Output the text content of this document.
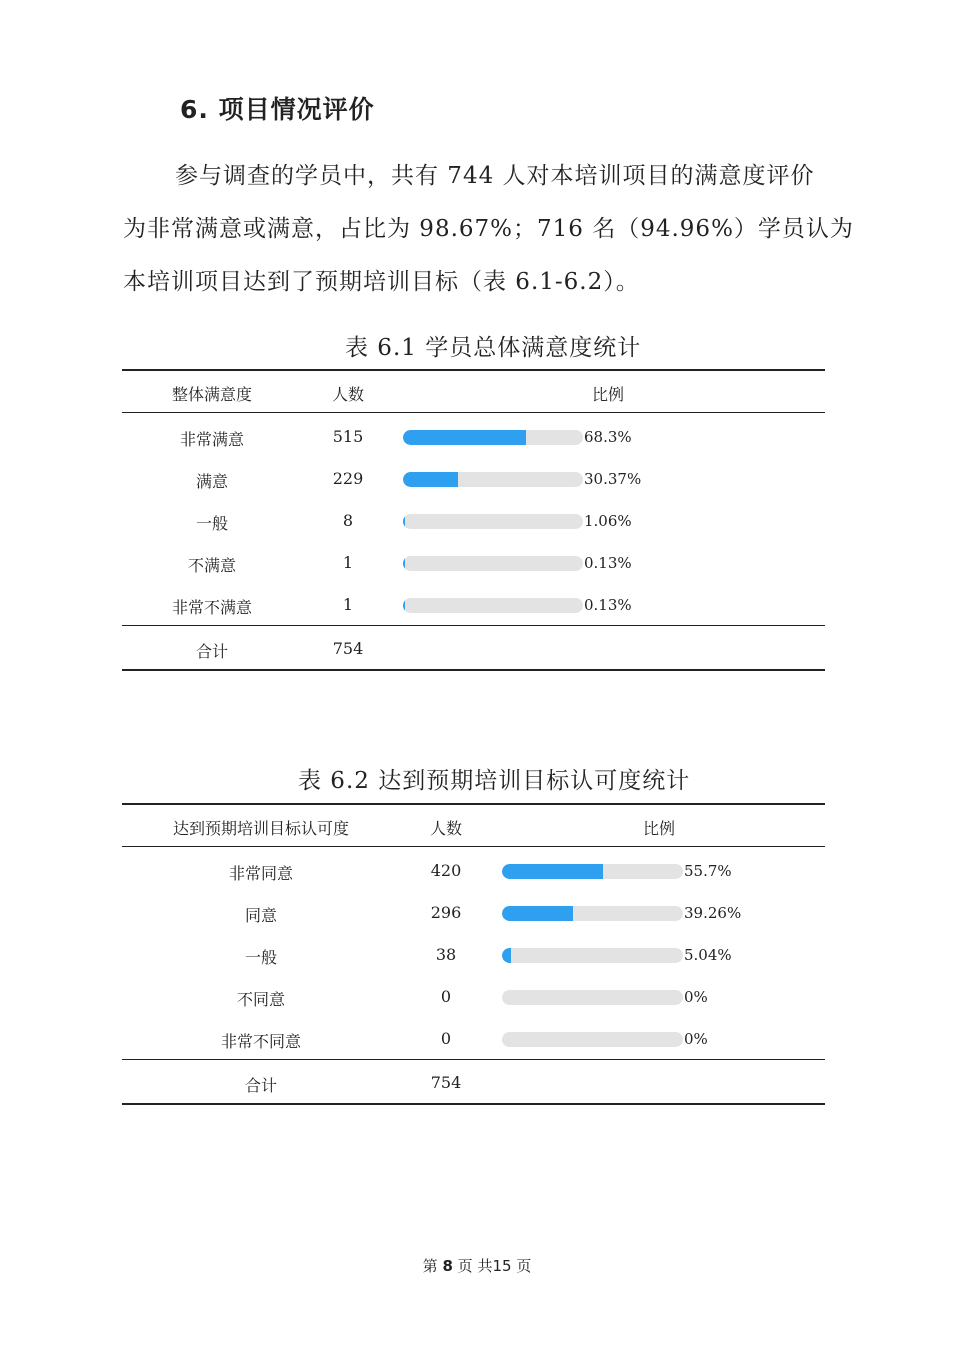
6. 项目情况评价
参与调查的学员中，共有 744 人对本培训项目的满意度评价
为非常满意或满意，占比为 98.67%；716 名（94.96%）学员认为
本培训项目达到了预期培训目标（表 6.1-6.2）。
表 6.1 学员总体满意度统计
整体满意度	人数	比例
非常满意	515	68.3%
满意	229	30.37%
一般	8	1.06%
不满意	1	0.13%
非常不满意	1	0.13%
合计	754
表 6.2 达到预期培训目标认可度统计
达到预期培训目标认可度	人数	比例
非常同意	420	55.7%
同意	296	39.26%
一般	38	5.04%
不同意	0	0%
非常不同意	0	0%
合计	754
第 8 页 共15 页
